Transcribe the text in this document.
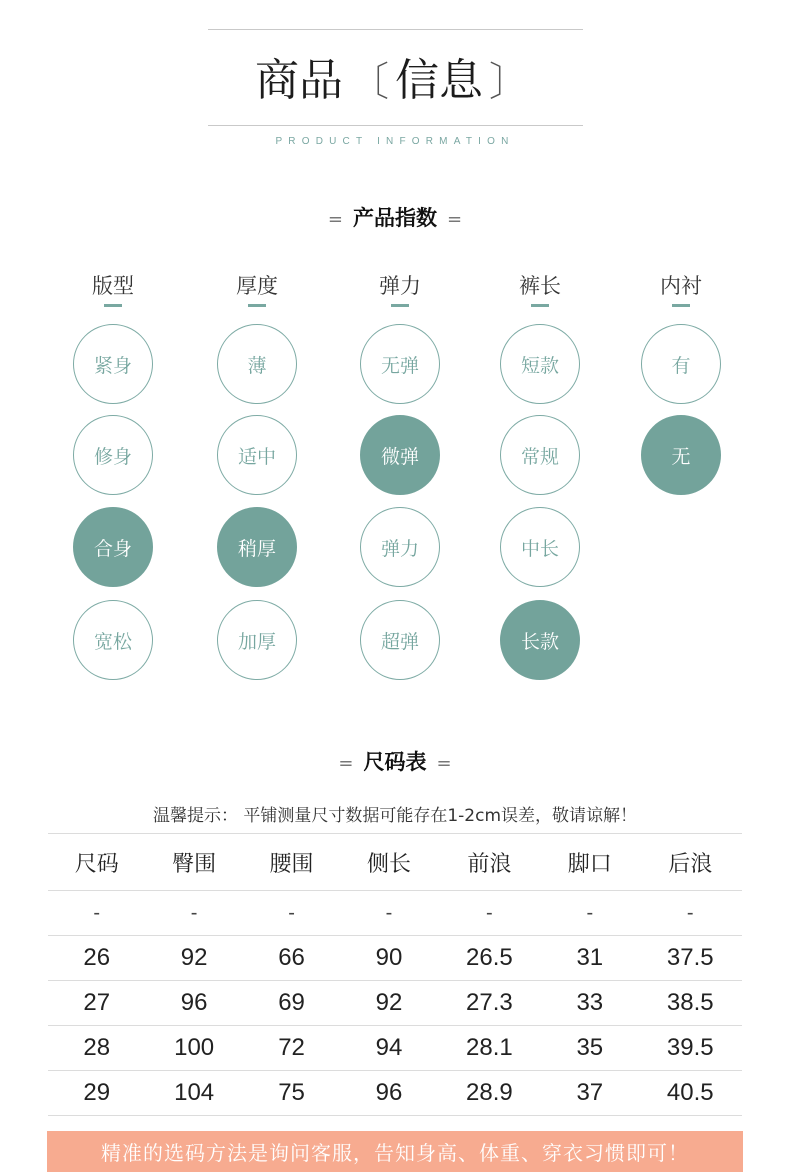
商品 〔 信息 〕
PRODUCT INFORMATION
= 产品指数 =
版型
紧身
修身
合身
宽松
厚度
薄
适中
稍厚
加厚
弹力
无弹
微弹
弹力
超弹
裤长
短款
常规
中长
长款
内衬
有
无
= 尺码表 =
温馨提示： 平铺测量尺寸数据可能存在1-2cm误差，敬请谅解！
尺码	臀围	腰围	侧长	前浪	脚口	后浪
-	-	-	-	-	-	-
26	92	66	90	26.5	31	37.5
27	96	69	92	27.3	33	38.5
28	100	72	94	28.1	35	39.5
29	104	75	96	28.9	37	40.5
精准的选码方法是询问客服，告知身高、体重、穿衣习惯即可！
